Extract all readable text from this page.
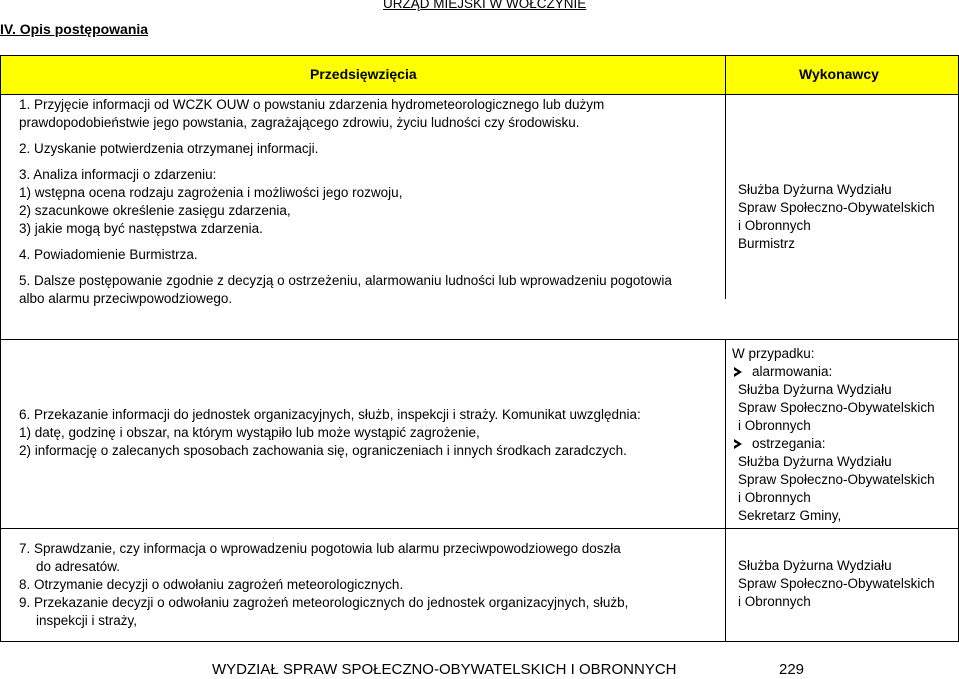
URZĄD MIEJSKI W WOŁCZYNIE
IV. Opis postępowania
Przedsięwzięcia	Wykonawcy
1. Przyjęcie informacji od WCZK OUW o powstaniu zdarzenia hydrometeorologicznego lub dużym
prawdopodobieństwie jego powstania, zagrażającego zdrowiu, życiu ludności czy środowisku.
2. Uzyskanie potwierdzenia otrzymanej informacji.
3. Analiza informacji o zdarzeniu:
1) wstępna ocena rodzaju zagrożenia i możliwości jego rozwoju,
2) szacunkowe określenie zasięgu zdarzenia,
3) jakie mogą być następstwa zdarzenia.
4. Powiadomienie Burmistrza.
5. Dalsze postępowanie zgodnie z decyzją o ostrzeżeniu, alarmowaniu ludności lub wprowadzeniu pogotowia
albo alarmu przeciwpowodziowego.
Służba Dyżurna Wydziału
Spraw Społeczno-Obywatelskich
i Obronnych
Burmistrz
6. Przekazanie informacji do jednostek organizacyjnych, służb, inspekcji i straży. Komunikat uwzględnia:
1) datę, godzinę i obszar, na którym wystąpiło lub może wystąpić zagrożenie,
2) informację o zalecanych sposobach zachowania się, ograniczeniach i innych środkach zaradczych.
W przypadku:
alarmowania:
Służba Dyżurna Wydziału
Spraw Społeczno-Obywatelskich
i Obronnych
ostrzegania:
Służba Dyżurna Wydziału
Spraw Społeczno-Obywatelskich
i Obronnych
Sekretarz Gminy,
7. Sprawdzanie, czy informacja o wprowadzeniu pogotowia lub alarmu przeciwpowodziowego doszła
do adresatów.
8. Otrzymanie decyzji o odwołaniu zagrożeń meteorologicznych.
9. Przekazanie decyzji o odwołaniu zagrożeń meteorologicznych do jednostek organizacyjnych, służb,
inspekcji i straży,
Służba Dyżurna Wydziału
Spraw Społeczno-Obywatelskich
i Obronnych
WYDZIAŁ SPRAW SPOŁECZNO-OBYWATELSKICH I OBRONNYCH	229
